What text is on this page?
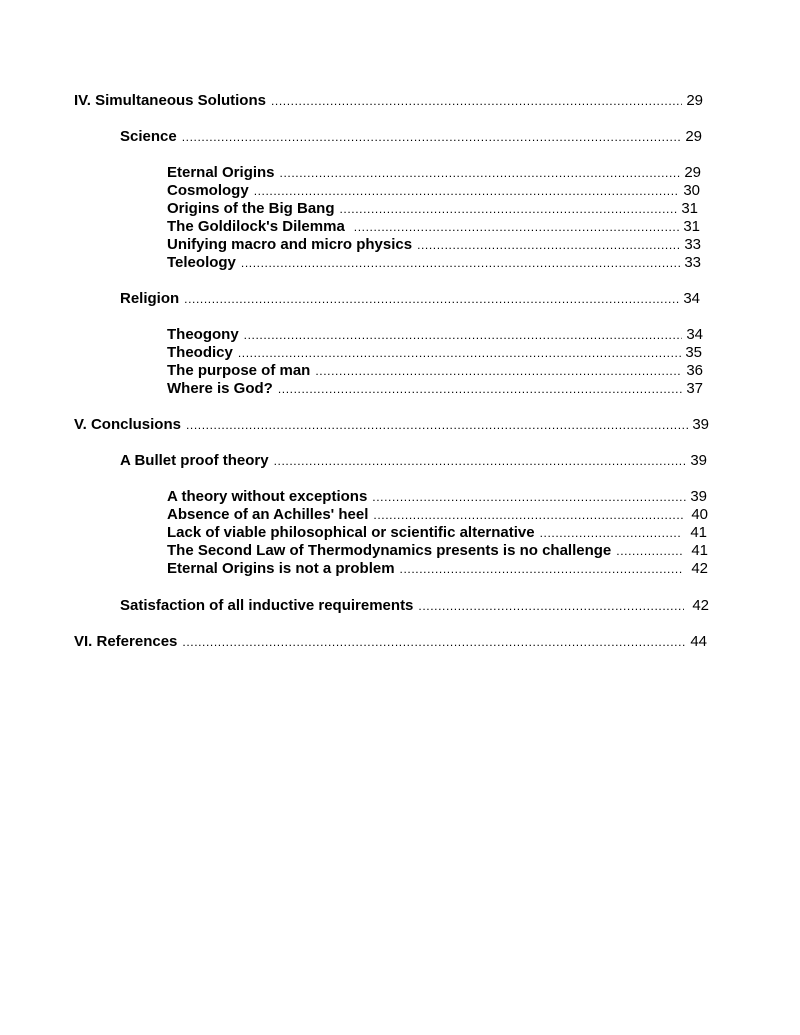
IV. Simultaneous Solutions .....	29
Science .....	29
Eternal Origins .....	29
Cosmology .....	30
Origins of the Big Bang .....	31
The Goldilock's Dilemma .....	31
Unifying macro and micro physics .....	33
Teleology .....	33
Religion .....	34
Theogony .....	34
Theodicy .....	35
The purpose of man .....	36
Where is God? .....	37
V. Conclusions .....	39
A Bullet proof theory .....	39
A theory without exceptions .....	39
Absence of an Achilles' heel .....	40
Lack of viable philosophical or scientific alternative .....	41
The Second Law of Thermodynamics presents is no challenge .....	41
Eternal Origins is not a problem .....	42
Satisfaction of all inductive requirements .....	42
VI. References .....	44
